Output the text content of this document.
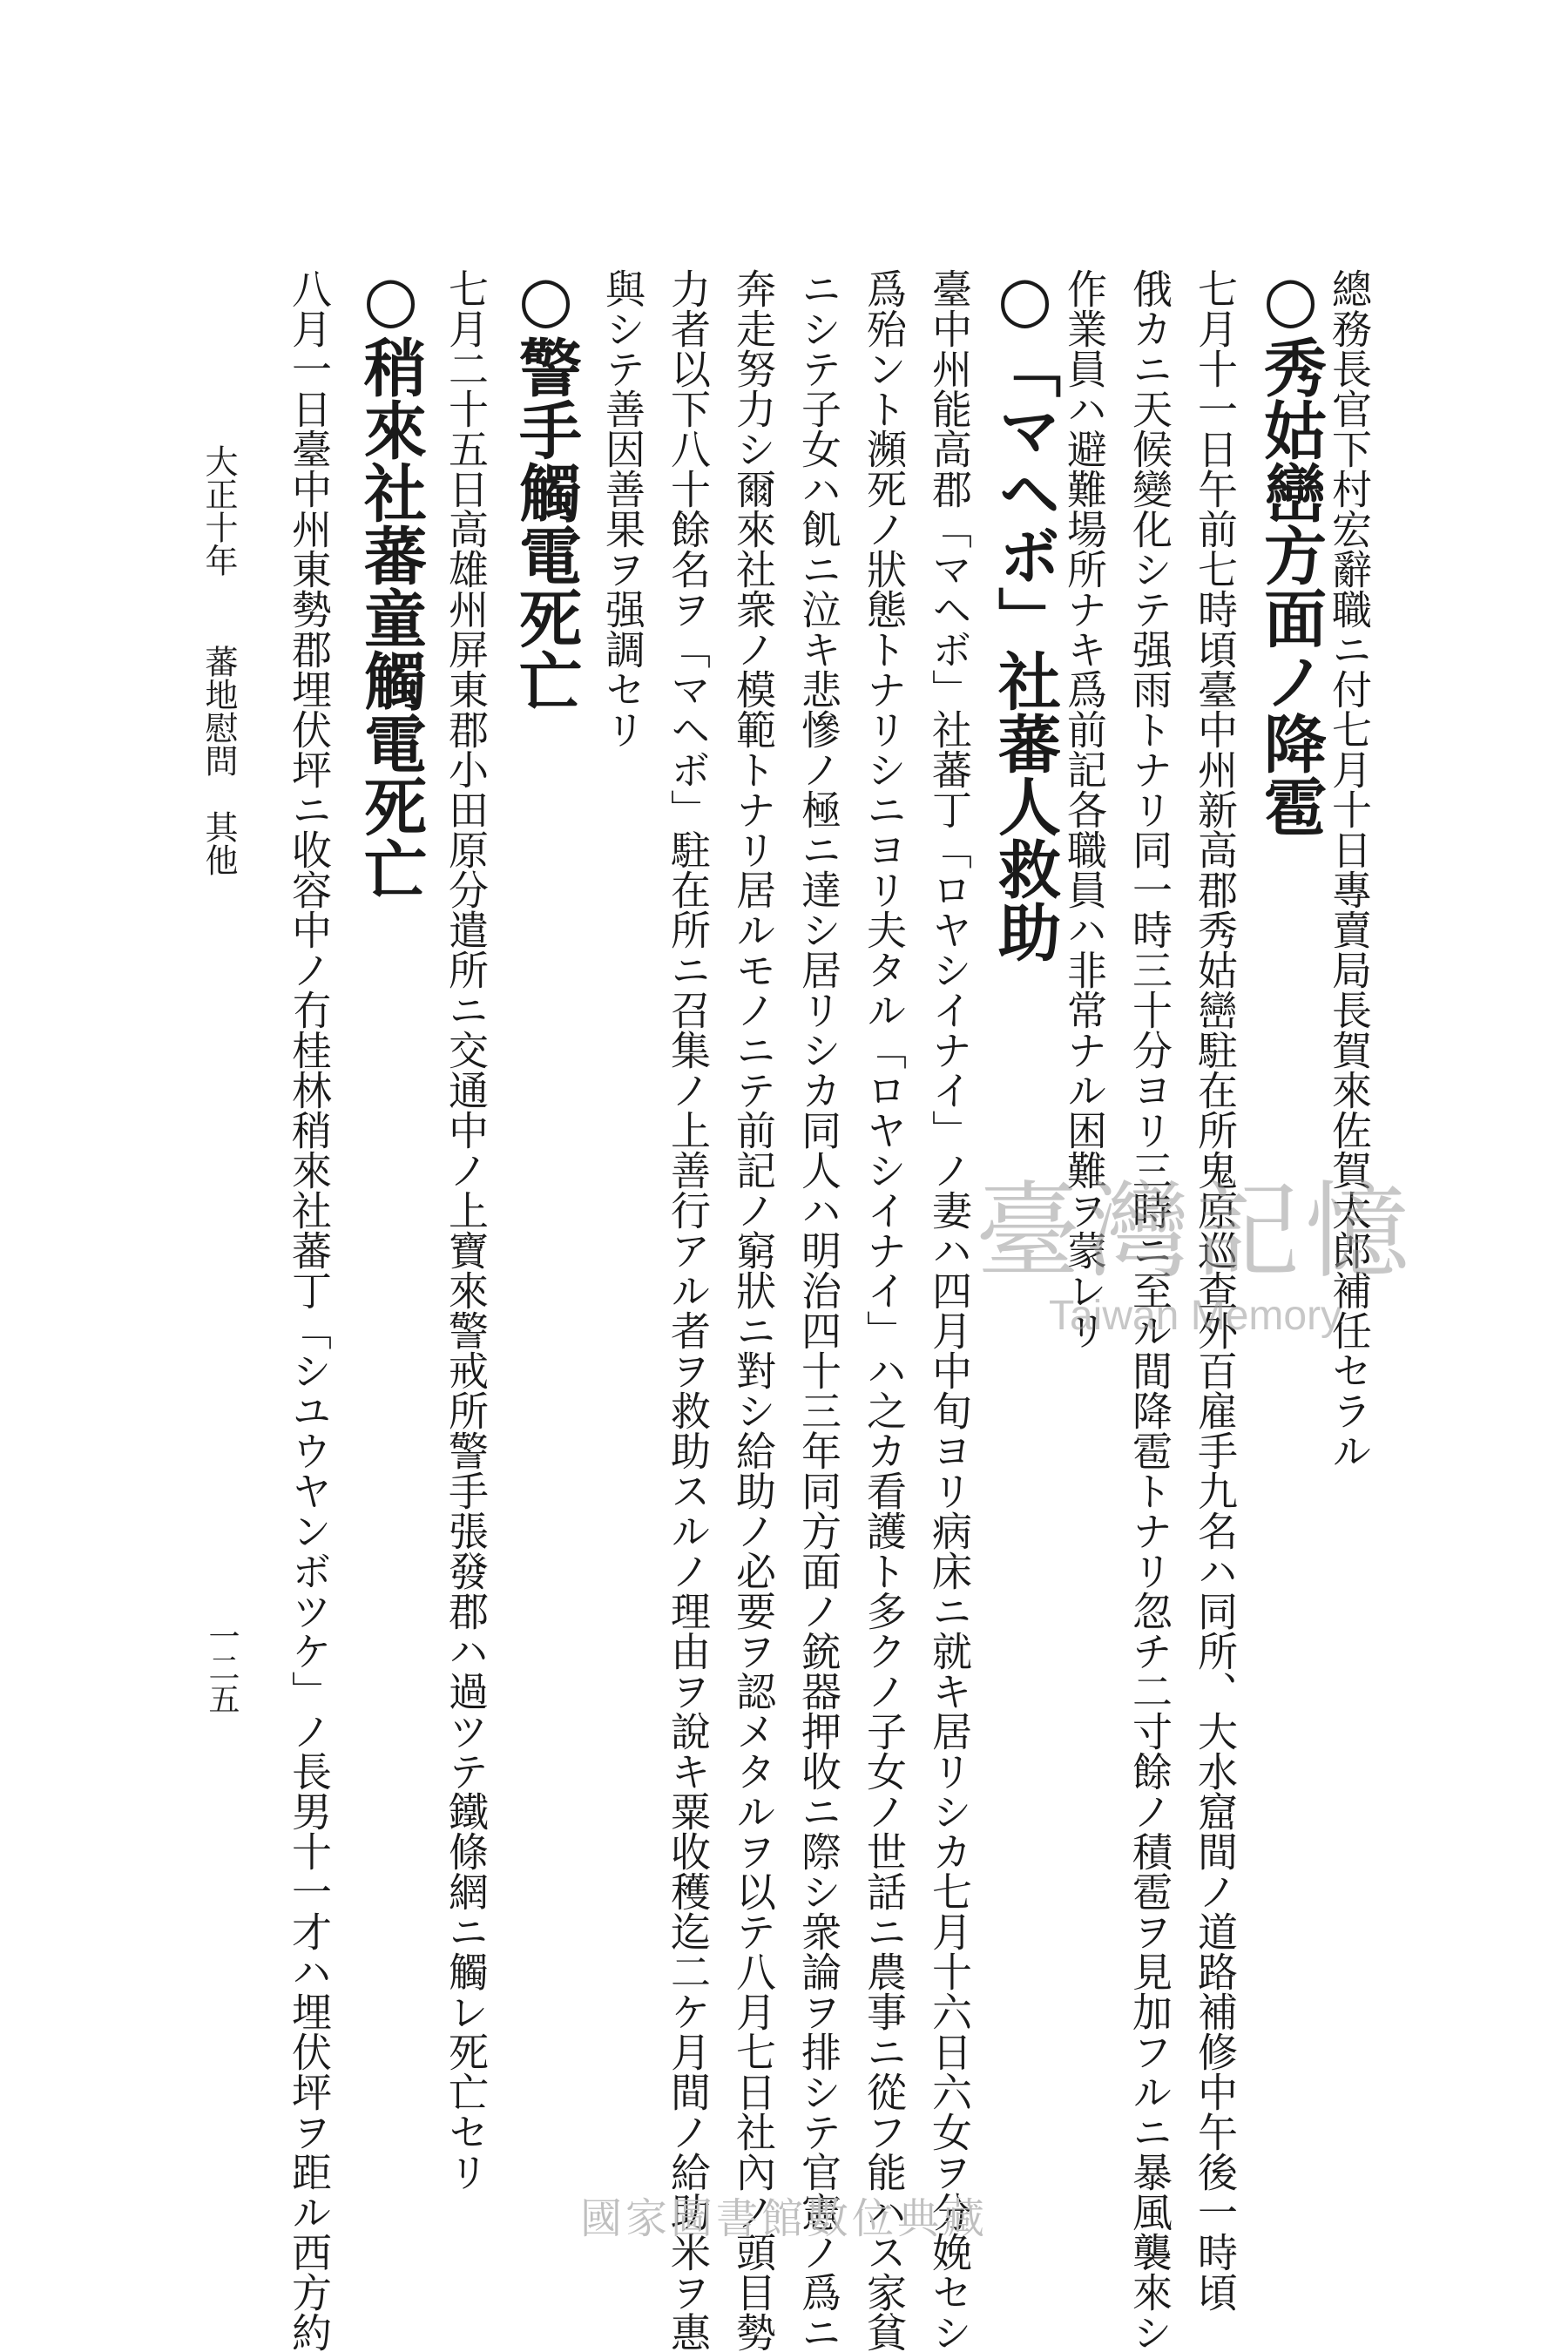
總務長官下村宏辭職ニ付七月十日專賣局長賀來佐賀太郎補任セラル
○秀姑巒方面ノ降雹
七月十一日午前七時頃臺中州新高郡秀姑巒駐在所鬼原巡查外百雇手九名ハ同所、大水窟間ノ道路補修中午後一時頃
俄カニ天候變化シテ强雨トナリ同一時三十分ヨリ三時ニ至ル間降雹トナリ忽チ二寸餘ノ積雹ヲ見加フルニ暴風襲來シ
作業員ハ避難場所ナキ爲前記各職員ハ非常ナル困難ヲ蒙レリ
○「マヘボ」社蕃人救助
臺中州能高郡「マヘボ」社蕃丁「ロヤシイナイ」ノ妻ハ四月中旬ヨリ病床ニ就キ居リシカ七月十六日六女ヲ分娩セシ
爲殆ント瀕死ノ狀態トナリシニヨリ夫タル「ロヤシイナイ」ハ之カ看護ト多クノ子女ノ世話ニ農事ニ從フ能ハス家貧
ニシテ子女ハ飢ニ泣キ悲慘ノ極ニ達シ居リシカ同人ハ明治四十三年同方面ノ銃器押收ニ際シ衆論ヲ排シテ官憲ノ爲ニ
奔走努力シ爾來社衆ノ模範トナリ居ルモノニテ前記ノ窮狀ニ對シ給助ノ必要ヲ認メタルヲ以テ八月七日社內ノ頭目勢
力者以下八十餘名ヲ「マヘボ」駐在所ニ召集ノ上善行アル者ヲ救助スルノ理由ヲ說キ粟收穫迄二ケ月間ノ給助米ヲ惠
與シテ善因善果ヲ强調セリ
○警手觸電死亡
七月二十五日高雄州屏東郡小田原分遣所ニ交通中ノ上寶來警戒所警手張發郡ハ過ツテ鐵條網ニ觸レ死亡セリ
○稍來社蕃童觸電死亡
八月一日臺中州東勢郡埋伏坪ニ收容中ノ冇桂林稍來社蕃丁「シユウヤンボツケ」ノ長男十一才ハ埋伏坪ヲ距ル西方約
大正十年
蕃地慰問　其他
一二五
臺灣記憶
Taiwan Memory
國家圖書館數位典藏
